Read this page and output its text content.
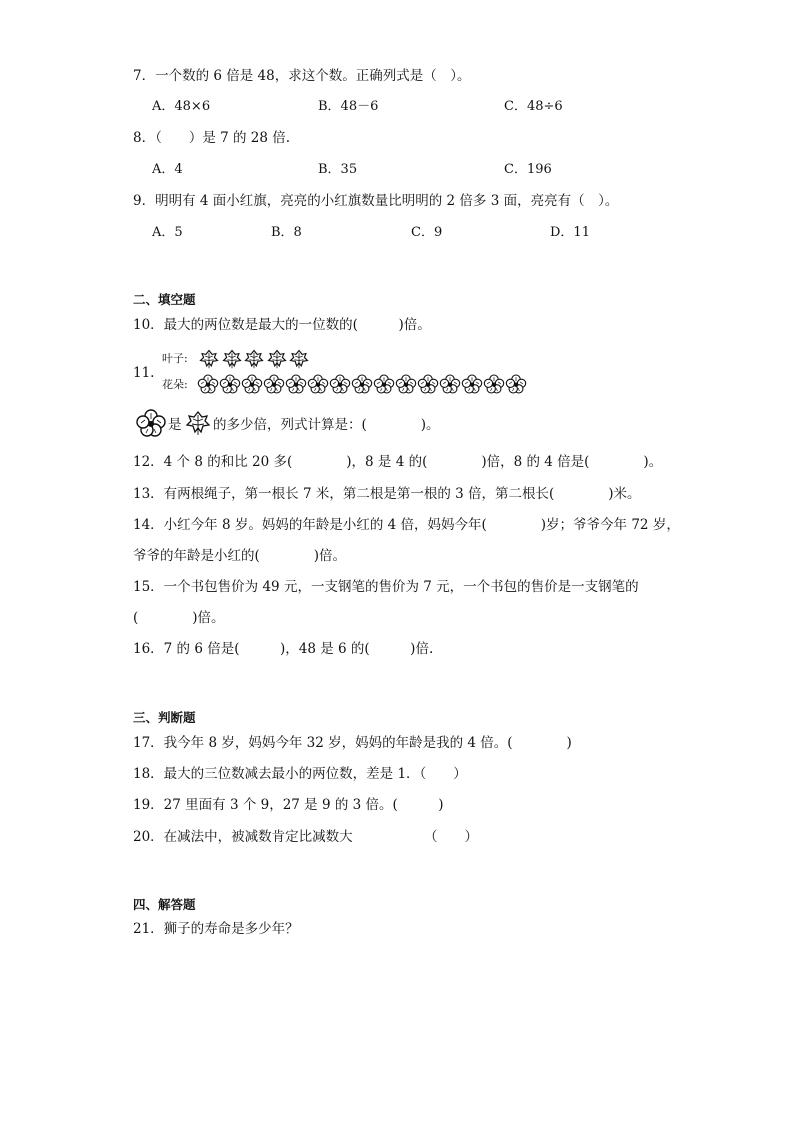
7．一个数的 6 倍是 48，求这个数。正确列式是（　）。
A．48×6	B．48－6	C．48÷6
8．（　　）是 7 的 28 倍.
A．4	B．35	C．196
9．明明有 4 面小红旗，亮亮的小红旗数量比明明的 2 倍多 3 面，亮亮有（　）。
A．5	B．8	C．9	D．11
二、填空题
10．最大的两位数是最大的一位数的(　　　)倍。
11.
叶子:
花朵:
是 的多少倍，列式计算是：(　　　　)。
12．4 个 8 的和比 20 多(　　　　)，8 是 4 的(　　　　)倍，8 的 4 倍是(　　　　)。
13．有两根绳子，第一根长 7 米，第二根是第一根的 3 倍，第二根长(　　　　)米。
14．小红今年 8 岁。妈妈的年龄是小红的 4 倍，妈妈今年(　　　　)岁；爷爷今年 72 岁，
爷爷的年龄是小红的(　　　　)倍。
15．一个书包售价为 49 元，一支钢笔的售价为 7 元，一个书包的售价是一支钢笔的
(　　　　)倍。
16．7 的 6 倍是(　　　)，48 是 6 的(　　　)倍.
三、判断题
17．我今年 8 岁，妈妈今年 32 岁，妈妈的年龄是我的 4 倍。(　　　　)
18．最大的三位数减去最小的两位数，差是 1．（　　）
19．27 里面有 3 个 9，27 是 9 的 3 倍。(　　　)
20．在减法中，被减数肯定比减数大	（　　）
四、解答题
21．狮子的寿命是多少年？
